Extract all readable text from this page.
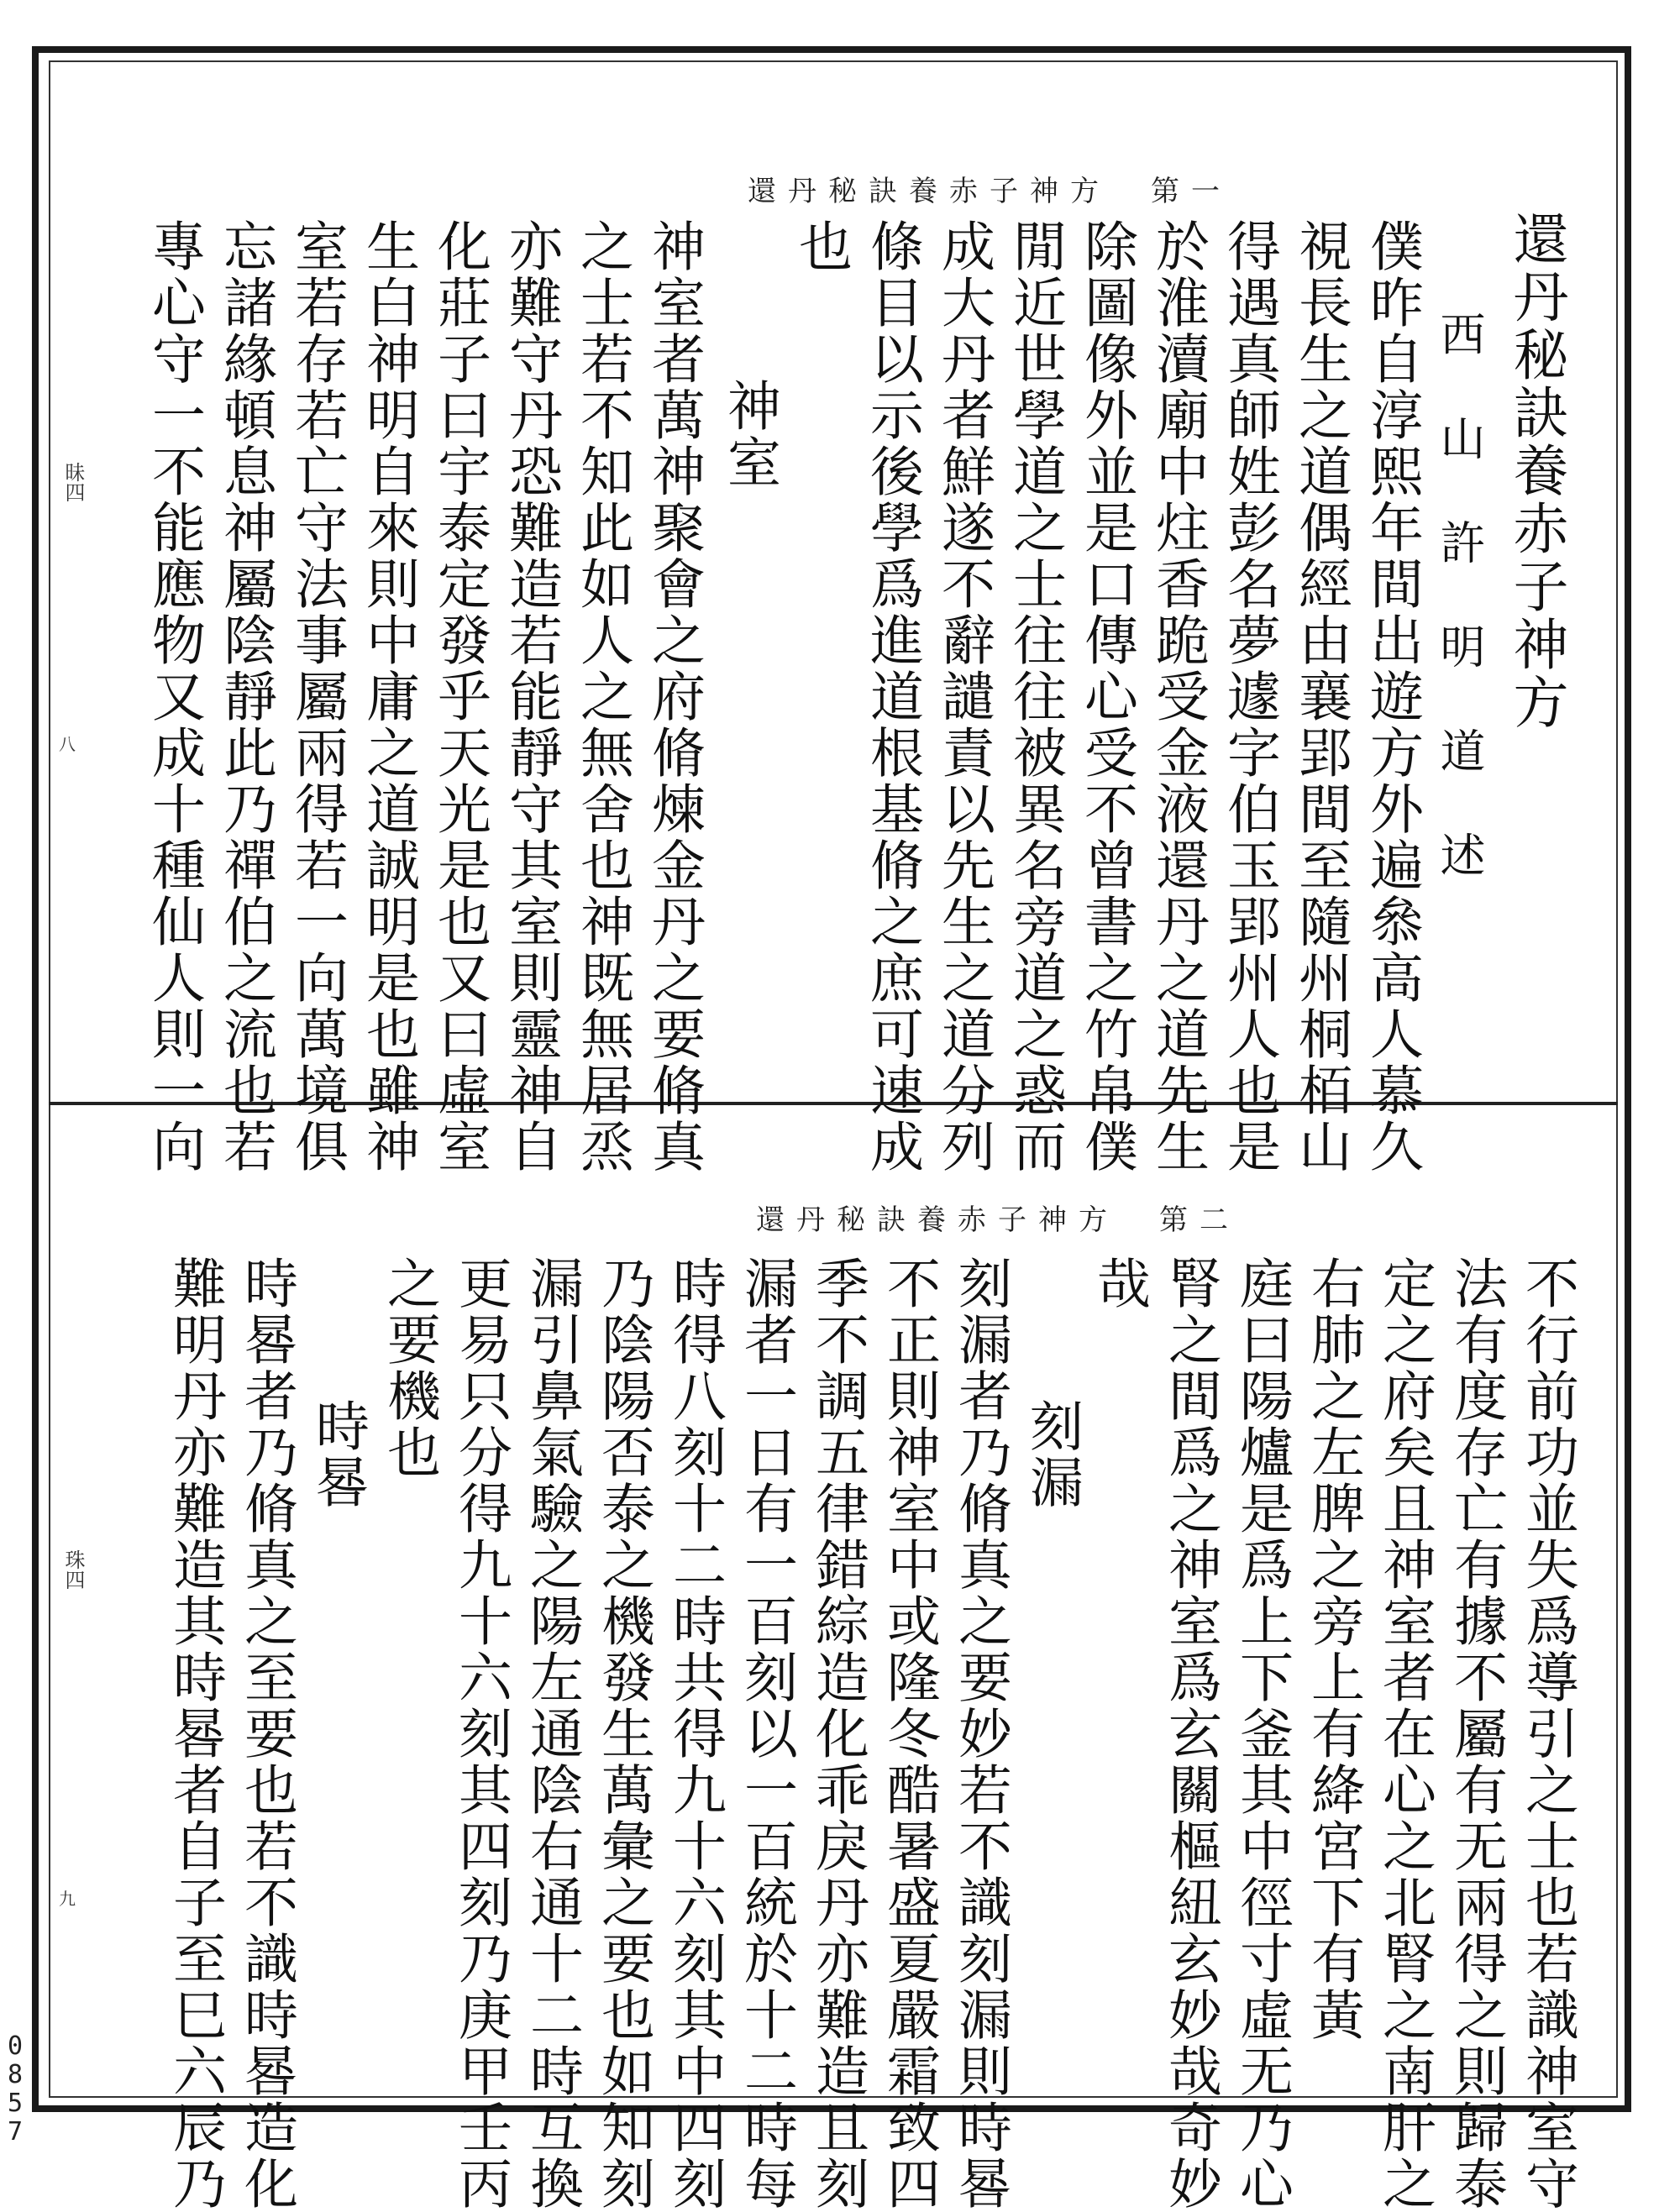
還丹秘訣養赤子神方　第一
還丹秘訣養赤子神方
西山許明道述
僕昨自淳熙年間出遊方外遍叅高人慕久
視長生之道偶經由襄郢間至隨州桐栢山
得遇真師姓彭名夢遽字伯玉郢州人也是
於淮瀆廟中炷香跪受金液還丹之道先生
除圖像外並是口傳心受不曾書之竹帛僕
閒近世學道之士往往被異名旁道之惑而
成大丹者鮮遂不辭譴責以先生之道分列
條目以示後學爲進道根基脩之庶可速成
也
神室
神室者萬神聚會之府脩煉金丹之要脩真
之士若不知此如人之無舍也神既無居烝
亦難守丹恐難造若能靜守其室則靈神自
化莊子曰宇泰定發乎天光是也又曰虛室
生白神明自來則中庸之道誠明是也雖神
室若存若亡守法事屬兩得若一向萬境俱
忘諸緣頓息神屬陰靜此乃禪伯之流也若
專心守一不能應物又成十種仙人則一向
昧四
八
還丹秘訣養赤子神方　第二
不行前功並失爲導引之士也若識神室守
法有度存亡有據不屬有无兩得之則歸泰
定之府矣且神室者在心之北腎之南肝之
右肺之左脾之旁上有絳宮下有黃
庭曰陽爐是爲上下釜其中徑寸虛无乃心
腎之間爲之神室爲玄關樞紐玄妙哉奇妙
哉
刻漏
刻漏者乃脩真之要妙若不識刻漏則時晷
不正則神室中或隆冬酷暑盛夏嚴霜致四
季不調五律錯綜造化乖戾丹亦難造且刻
漏者一日有一百刻以一百統於十二時每
時得八刻十二時共得九十六刻其中四刻
乃陰陽否泰之機發生萬彙之要也如知刻
漏引鼻氣驗之陽左通陰右通十二時互換
更易只分得九十六刻其四刻乃庚甲壬丙
之要機也
時晷
時晷者乃脩真之至要也若不識時晷造化
難明丹亦難造其時晷者自子至巳六辰乃
珠四
九
0
8
5
7
